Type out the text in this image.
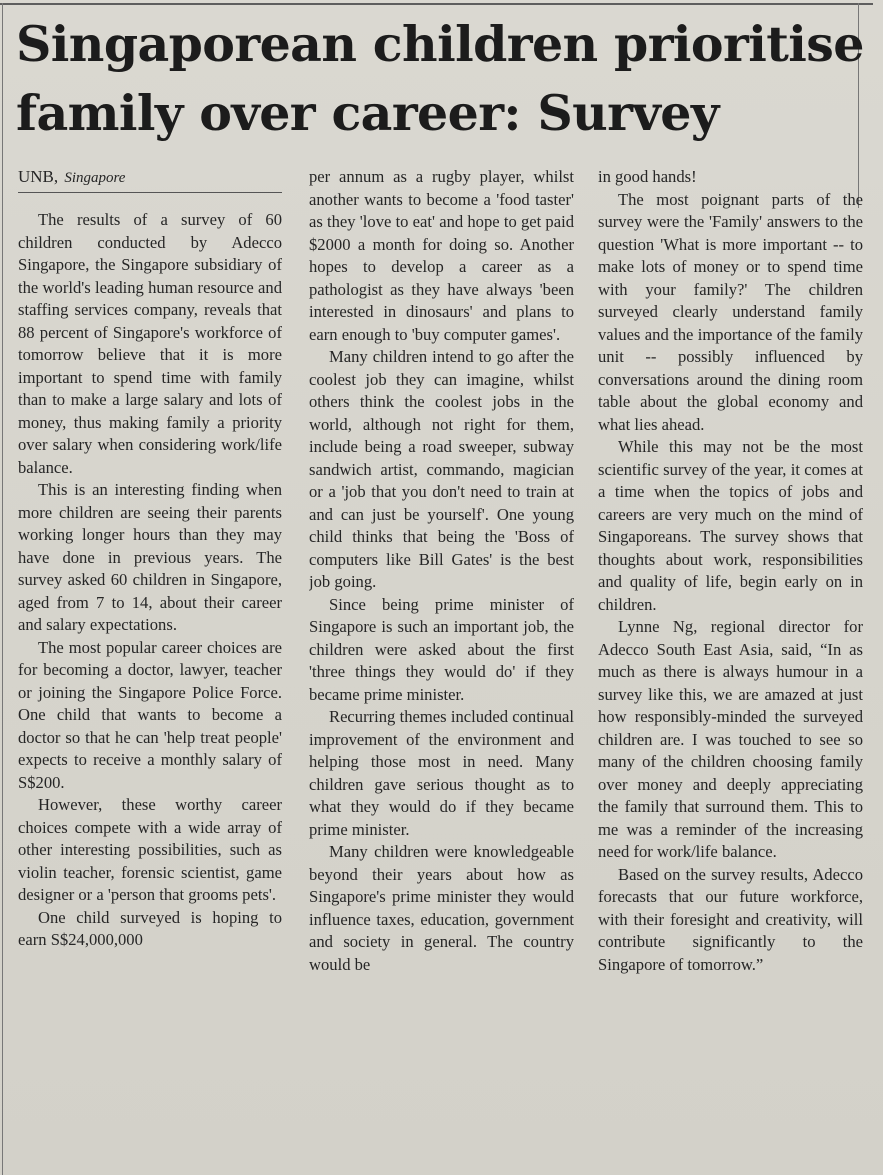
Singaporean children prioritise family over career: Survey
UNB, Singapore

The results of a survey of 60 children conducted by Adecco Singapore, the Singapore subsidiary of the world's leading human resource and staffing services company, reveals that 88 percent of Singapore's workforce of tomorrow believe that it is more important to spend time with family than to make a large salary and lots of money, thus making family a priority over salary when considering work/life balance.

This is an interesting finding when more children are seeing their parents working longer hours than they may have done in previous years. The survey asked 60 children in Singapore, aged from 7 to 14, about their career and salary expectations.

The most popular career choices are for becoming a doctor, lawyer, teacher or joining the Singapore Police Force. One child that wants to become a doctor so that he can 'help treat people' expects to receive a monthly salary of S$200.

However, these worthy career choices compete with a wide array of other interesting possibilities, such as violin teacher, forensic scientist, game designer or a 'person that grooms pets'.

One child surveyed is hoping to earn S$24,000,000

per annum as a rugby player, whilst another wants to become a 'food taster' as they 'love to eat' and hope to get paid $2000 a month for doing so. Another hopes to develop a career as a pathologist as they have always 'been interested in dinosaurs' and plans to earn enough to 'buy computer games'.

Many children intend to go after the coolest job they can imagine, whilst others think the coolest jobs in the world, although not right for them, include being a road sweeper, subway sandwich artist, commando, magician or a 'job that you don't need to train at and can just be yourself'. One young child thinks that being the 'Boss of computers like Bill Gates' is the best job going.

Since being prime minister of Singapore is such an important job, the children were asked about the first 'three things they would do' if they became prime minister.

Recurring themes included continual improvement of the environment and helping those most in need. Many children gave serious thought as to what they would do if they became prime minister.

Many children were knowledgeable beyond their years about how as Singapore's prime minister they would influence taxes, education, government and society in general. The country would be

in good hands!

The most poignant parts of the survey were the 'Family' answers to the question 'What is more important -- to make lots of money or to spend time with your family?' The children surveyed clearly understand family values and the importance of the family unit -- possibly influenced by conversations around the dining room table about the global economy and what lies ahead.

While this may not be the most scientific survey of the year, it comes at a time when the topics of jobs and careers are very much on the mind of Singaporeans. The survey shows that thoughts about work, responsibilities and quality of life, begin early on in children.

Lynne Ng, regional director for Adecco South East Asia, said, “In as much as there is always humour in a survey like this, we are amazed at just how responsibly-minded the surveyed children are. I was touched to see so many of the children choosing family over money and deeply appreciating the family that surround them. This to me was a reminder of the increasing need for work/life balance.

Based on the survey results, Adecco forecasts that our future workforce, with their foresight and creativity, will contribute significantly to the Singapore of tomorrow.”
